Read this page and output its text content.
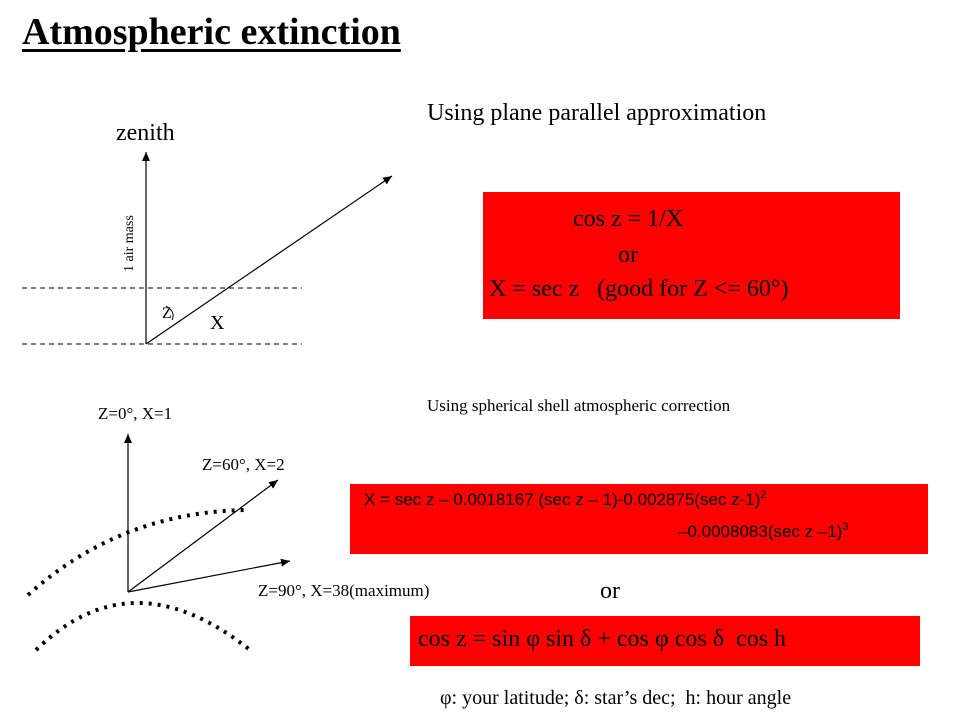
Atmospheric extinction
zenith
1 air mass
Z X
Z=0°, X=1
Z=60°, X=2
Z=90°, X=38(maximum)
Using plane parallel approximation
cos z = 1/X
or
X = sec z   (good for Z <= 60°)
Using spherical shell atmospheric correction
X = sec z – 0.0018167 (sec z – 1)-0.002875(sec z-1)$^2$
–0.0008083(sec z –1)$^3$
or
cos z = sin φ sin δ + cos φ cos δ  cos h
φ: your latitude; δ: star’s dec;  h: hour angle
